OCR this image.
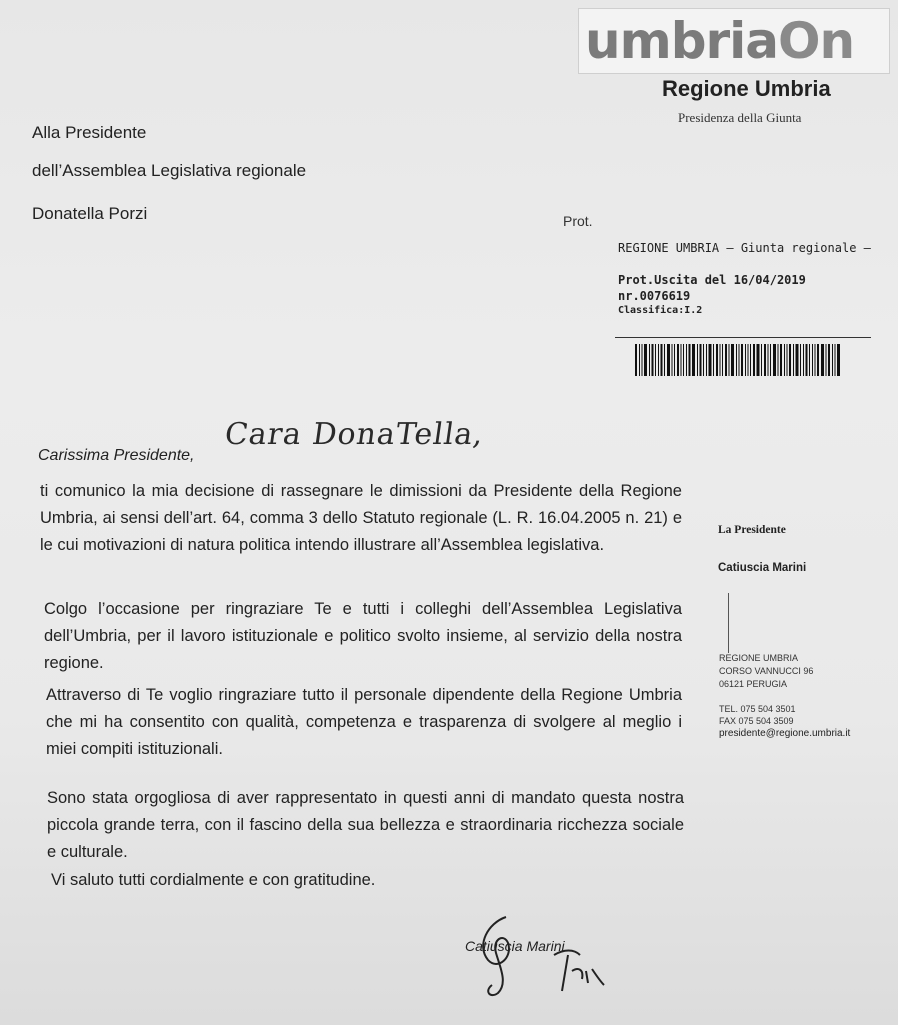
umbriaOn
Regione Umbria
Presidenza della Giunta
Alla Presidente
dell’Assemblea Legislativa regionale
Donatella Porzi	Prot.
REGIONE UMBRIA – Giunta regionale –
Prot.Uscita del 16/04/2019
nr.0076619
Classifica:I.2
Carissima Presidente,
Cara DonaTella,

ti comunico la mia decisione di rassegnare le dimissioni da Presidente della Regione Umbria, ai sensi dell’art. 64, comma 3 dello Statuto regionale (L. R. 16.04.2005 n. 21) e le cui motivazioni di natura politica intendo illustrare all’Assemblea legislativa.

Colgo l’occasione per ringraziare Te e tutti i colleghi dell’Assemblea Legislativa dell’Umbria, per il lavoro istituzionale e politico svolto insieme, al servizio della nostra regione.

Attraverso di Te voglio ringraziare tutto il personale dipendente della Regione Umbria che mi ha consentito con qualità, competenza e trasparenza di svolgere al meglio i miei compiti istituzionali.

Sono stata orgogliosa di aver rappresentato in questi anni di mandato questa nostra piccola grande terra, con il fascino della sua bellezza e straordinaria ricchezza sociale e culturale.

Vi saluto tutti cordialmente e con gratitudine.

La Presidente
Catiuscia Marini
REGIONE UMBRIA
CORSO VANNUCCI 96
06121 PERUGIA
TEL. 075 504 3501
FAX 075 504 3509
presidente@regione.umbria.it
Catiuscia Marini
